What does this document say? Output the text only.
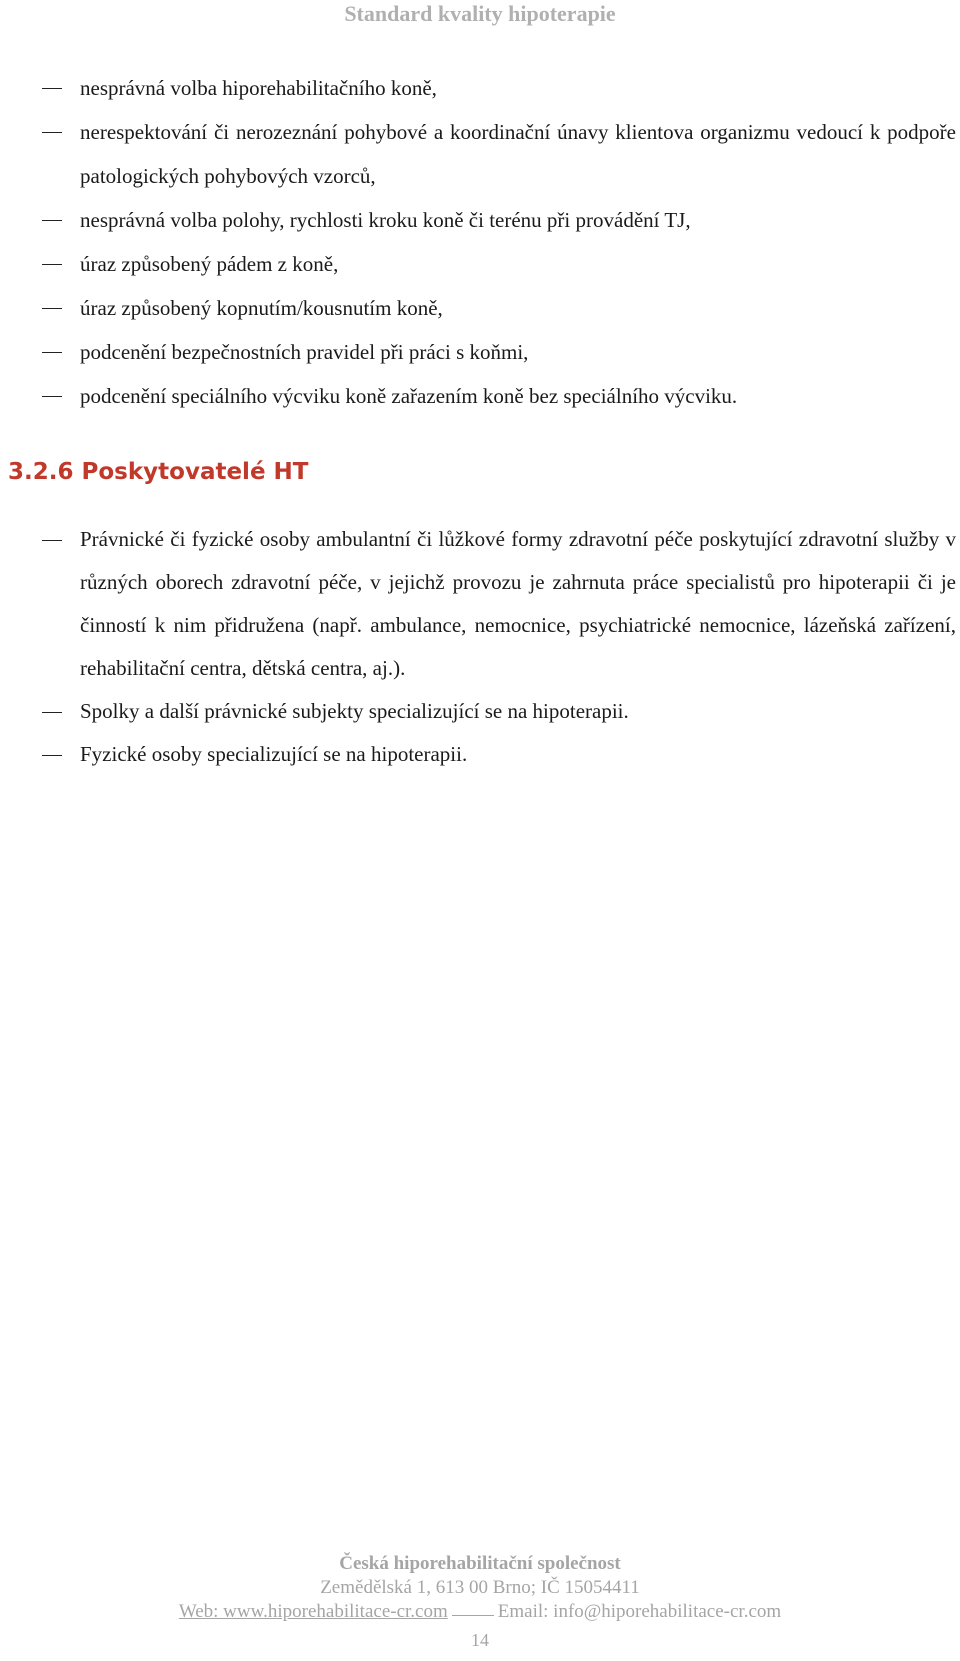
Standard kvality hipoterapie
nesprávná volba hiporehabilitačního koně,
nerespektování či nerozeznání pohybové a koordinační únavy klientova organizmu vedoucí k podpoře patologických pohybových vzorců,
nesprávná volba polohy, rychlosti kroku koně či terénu při provádění TJ,
úraz způsobený pádem z koně,
úraz způsobený kopnutím/kousnutím koně,
podcenění bezpečnostních pravidel při práci s koňmi,
podcenění speciálního výcviku koně zařazením koně bez speciálního výcviku.
3.2.6 Poskytovatelé HT
Právnické či fyzické osoby ambulantní či lůžkové formy zdravotní péče poskytující zdravotní služby v různých oborech zdravotní péče, v jejichž provozu je zahrnuta práce specialistů pro hipoterapii či je činností k nim přidružena (např. ambulance, nemocnice, psychiatrické nemocnice, lázeňská zařízení, rehabilitační centra, dětská centra, aj.).
Spolky a další právnické subjekty specializující se na hipoterapii.
Fyzické osoby specializující se na hipoterapii.
Česká hiporehabilitační společnost
Zemědělská 1, 613 00 Brno; IČ 15054411
Web: www.hiporehabilitace-cr.com	Email: info@hiporehabilitace-cr.com
14
